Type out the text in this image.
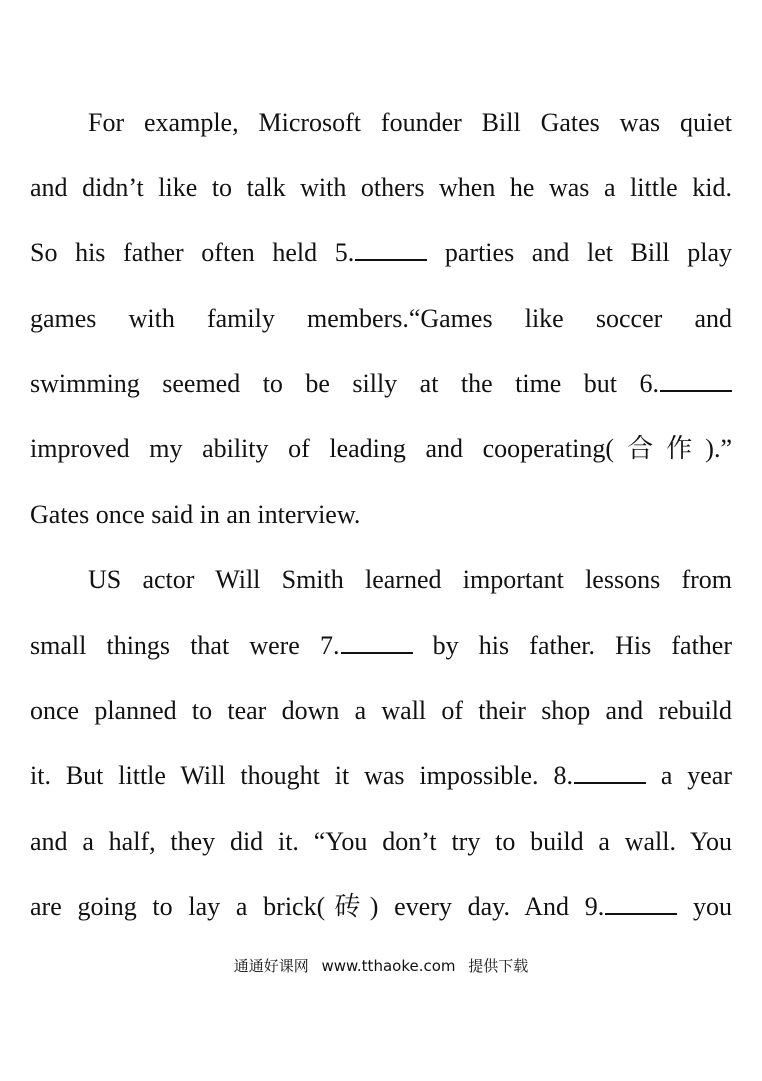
For example, Microsoft founder Bill Gates was quiet
and didn’t like to talk with others when he was a little kid.
So his father often held 5.	parties and let Bill play
games with family members.“Games like soccer and
swimming seemed to be silly at the time but 6.
improved my ability of leading and cooperating(合作).”
Gates once said in an interview.
US actor Will Smith learned important lessons from
small things that were 7.	by his father. His father
once planned to tear down a wall of their shop and rebuild
it. But little Will thought it was impossible. 8.	a year
and a half, they did it. “You don’t try to build a wall. You
are going to lay a brick(砖) every day. And 9.	you
通通好课网 www.tthaoke.com 提供下载
